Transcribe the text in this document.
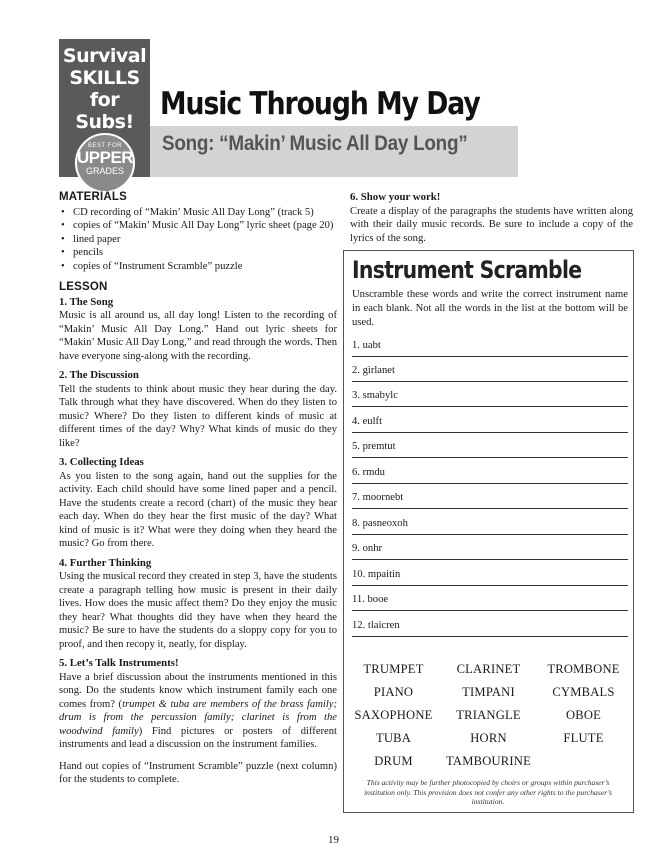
Survival
SKILLS
for Subs!
BEST FOR
UPPER
GRADES
Music Through My Day
Song: “Makin’ Music All Day Long”
MATERIALS
• CD recording of “Makin’ Music All Day Long” (track 5)
• copies of “Makin’ Music All Day Long” lyric sheet (page 20)
• lined paper
• pencils
• copies of “Instrument Scramble” puzzle
LESSON
1. The Song
Music is all around us, all day long! Listen to the recording of “Makin’ Music All Day Long.” Hand out lyric sheets for “Makin’ Music All Day Long,” and read through the words. Then have everyone sing-along with the recording.
2. The Discussion
Tell the students to think about music they hear during the day. Talk through what they have discovered. When do they listen to music? Where? Do they listen to different kinds of music at different times of the day? Why? What kinds of music do they like?
3. Collecting Ideas
As you listen to the song again, hand out the supplies for the activity. Each child should have some lined paper and a pencil. Have the students create a record (chart) of the music they hear each day. When do they hear the first music of the day? What kind of music is it? What were they doing when they heard the music? Go from there.
4. Further Thinking
Using the musical record they created in step 3, have the students create a paragraph telling how music is present in their daily lives. How does the music affect them? Do they enjoy the music they hear? What thoughts did they have when they heard the music? Be sure to have the students do a sloppy copy for you to proof, and then recopy it, neatly, for display.
5. Let’s Talk Instruments!
Have a brief discussion about the instruments mentioned in this song. Do the students know which instrument family each one comes from? (trumpet & tuba are members of the brass family; drum is from the percussion family; clarinet is from the woodwind family) Find pictures or posters of different instruments and lead a discussion on the instrument families.
Hand out copies of “Instrument Scramble” puzzle (next column) for the students to complete.
6. Show your work!
Create a display of the paragraphs the students have written along with their daily music records. Be sure to include a copy of the lyrics of the song.
Instrument Scramble
Unscramble these words and write the correct instrument name in each blank. Not all the words in the list at the bottom will be used.
1. uabt
2. girlanet
3. smabylc
4. eulft
5. premtut
6. rmdu
7. moornebt
8. pasneoxoh
9. onhr
10. mpaitin
11. booe
12. tlaicren
TRUMPET	CLARINET	TROMBONE
PIANO	TIMPANI	CYMBALS
SAXOPHONE	TRIANGLE	OBOE
TUBA	HORN	FLUTE
DRUM	TAMBOURINE
This activity may be further photocopied by choirs or groups within purchaser’s institution only. This provision does not confer any other rights to the purchaser’s institution.
19
